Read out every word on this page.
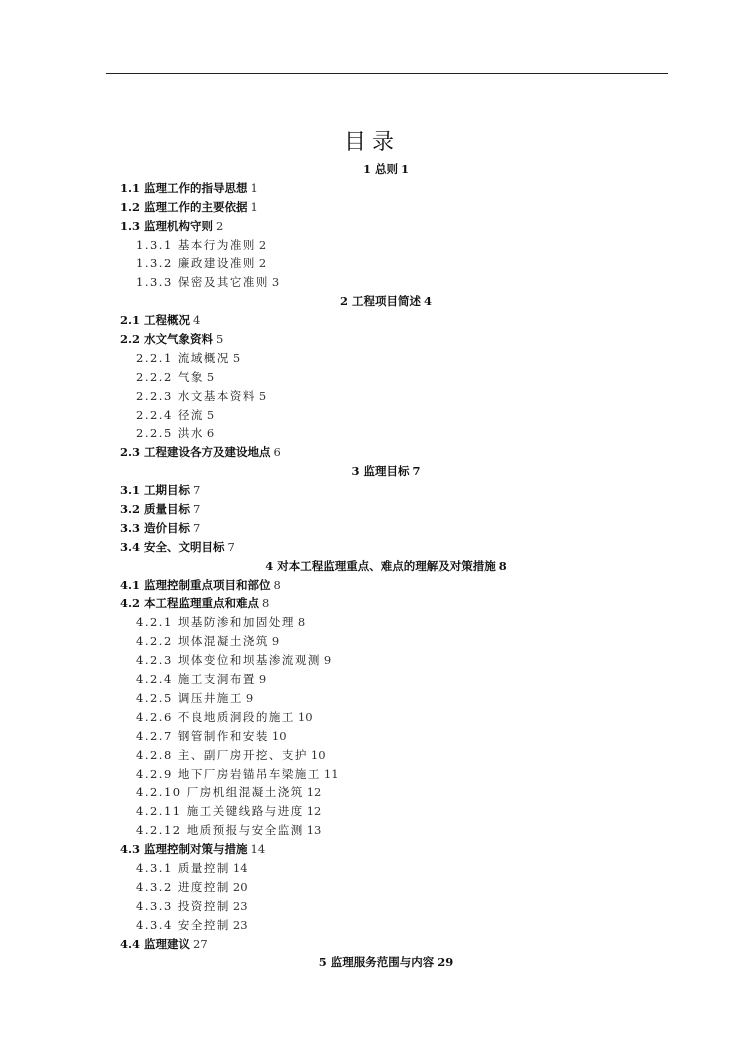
目录
1 总则 1
1.1 监理工作的指导思想 1
1.2 监理工作的主要依据 1
1.3 监理机构守则 2
1.3.1 基本行为准则 2
1.3.2 廉政建设准则 2
1.3.3 保密及其它准则 3
2 工程项目简述 4
2.1 工程概况 4
2.2 水文气象资料 5
2.2.1 流域概况 5
2.2.2 气象 5
2.2.3 水文基本资料 5
2.2.4 径流 5
2.2.5 洪水 6
2.3 工程建设各方及建设地点 6
3 监理目标 7
3.1 工期目标 7
3.2 质量目标 7
3.3 造价目标 7
3.4 安全、文明目标 7
4 对本工程监理重点、难点的理解及对策措施 8
4.1 监理控制重点项目和部位 8
4.2 本工程监理重点和难点 8
4.2.1 坝基防渗和加固处理 8
4.2.2 坝体混凝土浇筑 9
4.2.3 坝体变位和坝基渗流观测 9
4.2.4 施工支洞布置 9
4.2.5 调压井施工 9
4.2.6 不良地质洞段的施工 10
4.2.7 钢管制作和安装 10
4.2.8 主、副厂房开挖、支护 10
4.2.9 地下厂房岩锚吊车梁施工 11
4.2.10 厂房机组混凝土浇筑 12
4.2.11 施工关键线路与进度 12
4.2.12 地质预报与安全监测 13
4.3 监理控制对策与措施 14
4.3.1 质量控制 14
4.3.2 进度控制 20
4.3.3 投资控制 23
4.3.4 安全控制 23
4.4 监理建议 27
5 监理服务范围与内容 29
